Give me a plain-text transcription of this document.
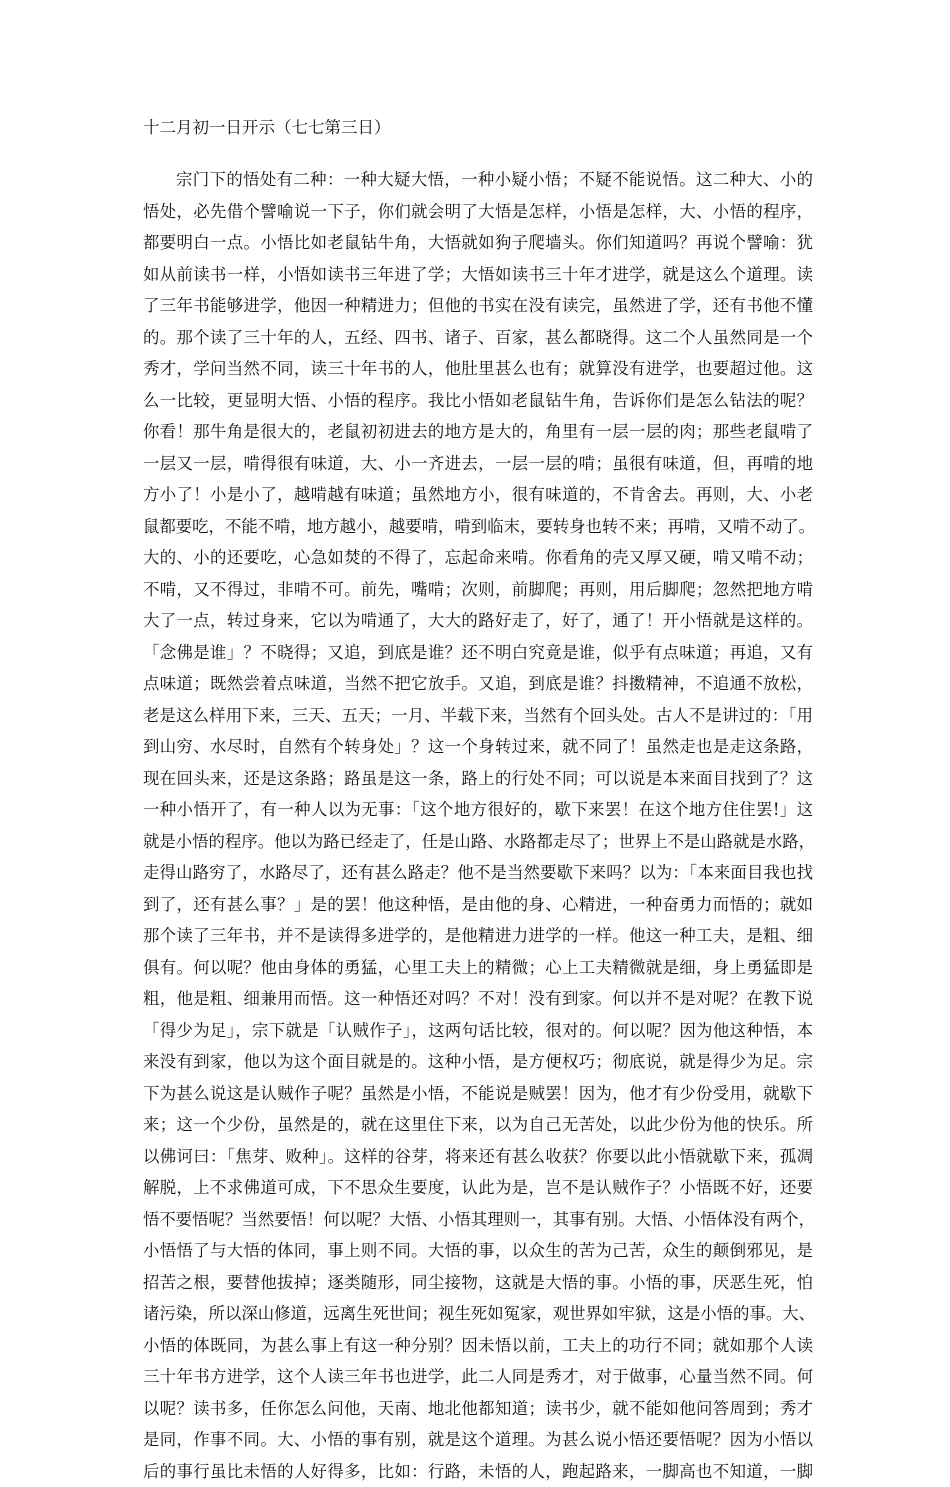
十二月初一日开示（七七第三日）
宗门下的悟处有二种：一种大疑大悟，一种小疑小悟；不疑不能说悟。这二种大、小的
悟处，必先借个譬喻说一下子，你们就会明了大悟是怎样，小悟是怎样，大、小悟的程序，
都要明白一点。小悟比如老鼠钻牛角，大悟就如狗子爬墙头。你们知道吗？再说个譬喻：犹
如从前读书一样，小悟如读书三年进了学；大悟如读书三十年才进学，就是这么个道理。读
了三年书能够进学，他因一种精进力；但他的书实在没有读完，虽然进了学，还有书他不懂
的。那个读了三十年的人，五经、四书、诸子、百家，甚么都晓得。这二个人虽然同是一个
秀才，学问当然不同，读三十年书的人，他肚里甚么也有；就算没有进学，也要超过他。这
么一比较，更显明大悟、小悟的程序。我比小悟如老鼠钻牛角，告诉你们是怎么钻法的呢？
你看！那牛角是很大的，老鼠初初进去的地方是大的，角里有一层一层的肉；那些老鼠啃了
一层又一层，啃得很有味道，大、小一齐进去，一层一层的啃；虽很有味道，但，再啃的地
方小了！小是小了，越啃越有味道；虽然地方小，很有味道的，不肯舍去。再则，大、小老
鼠都要吃，不能不啃，地方越小，越要啃，啃到临末，要转身也转不来；再啃，又啃不动了。
大的、小的还要吃，心急如焚的不得了，忘起命来啃。你看角的壳又厚又硬，啃又啃不动；
不啃，又不得过，非啃不可。前先，嘴啃；次则，前脚爬；再则，用后脚爬；忽然把地方啃
大了一点，转过身来，它以为啃通了，大大的路好走了，好了，通了！开小悟就是这样的。
「念佛是谁」？不晓得；又追，到底是谁？还不明白究竟是谁，似乎有点味道；再追，又有
点味道；既然尝着点味道，当然不把它放手。又追，到底是谁？抖擞精神，不追通不放松，
老是这么样用下来，三天、五天；一月、半载下来，当然有个回头处。古人不是讲过的：「用
到山穷、水尽时，自然有个转身处」？这一个身转过来，就不同了！虽然走也是走这条路，
现在回头来，还是这条路；路虽是这一条，路上的行处不同；可以说是本来面目找到了？这
一种小悟开了，有一种人以为无事：「这个地方很好的，歇下来罢！在这个地方住住罢!」这
就是小悟的程序。他以为路已经走了，任是山路、水路都走尽了；世界上不是山路就是水路，
走得山路穷了，水路尽了，还有甚么路走？他不是当然要歇下来吗？以为：「本来面目我也找
到了，还有甚么事？」是的罢！他这种悟，是由他的身、心精进，一种奋勇力而悟的；就如
那个读了三年书，并不是读得多进学的，是他精进力进学的一样。他这一种工夫，是粗、细
俱有。何以呢？他由身体的勇猛，心里工夫上的精微；心上工夫精微就是细，身上勇猛即是
粗，他是粗、细兼用而悟。这一种悟还对吗？不对！没有到家。何以并不是对呢？在教下说
「得少为足」，宗下就是「认贼作子」，这两句话比较，很对的。何以呢？因为他这种悟，本
来没有到家，他以为这个面目就是的。这种小悟，是方便权巧；彻底说，就是得少为足。宗
下为甚么说这是认贼作子呢？虽然是小悟，不能说是贼罢！因为，他才有少份受用，就歇下
来；这一个少份，虽然是的，就在这里住下来，以为自己无苦处，以此少份为他的快乐。所
以佛诃曰：「焦芽、败种」。这样的谷芽，将来还有甚么收获？你要以此小悟就歇下来，孤凋
解脱，上不求佛道可成，下不思众生要度，认此为是，岂不是认贼作子？小悟既不好，还要
悟不要悟呢？当然要悟！何以呢？大悟、小悟其理则一，其事有别。大悟、小悟体没有两个，
小悟悟了与大悟的体同，事上则不同。大悟的事，以众生的苦为己苦，众生的颠倒邪见，是
招苦之根，要替他拔掉；逐类随形，同尘接物，这就是大悟的事。小悟的事，厌恶生死，怕
诸污染，所以深山修道，远离生死世间；视生死如冤家，观世界如牢狱，这是小悟的事。大、
小悟的体既同，为甚么事上有这一种分别？因未悟以前，工夫上的功行不同；就如那个人读
三十年书方进学，这个人读三年书也进学，此二人同是秀才，对于做事，心量当然不同。何
以呢？读书多，任你怎么问他，天南、地北他都知道；读书少，就不能如他问答周到；秀才
是同，作事不同。大、小悟的事有别，就是这个道理。为甚么说小悟还要悟呢？因为小悟以
后的事行虽比未悟的人好得多，比如：行路，未悟的人，跑起路来，一脚高也不知道，一脚
